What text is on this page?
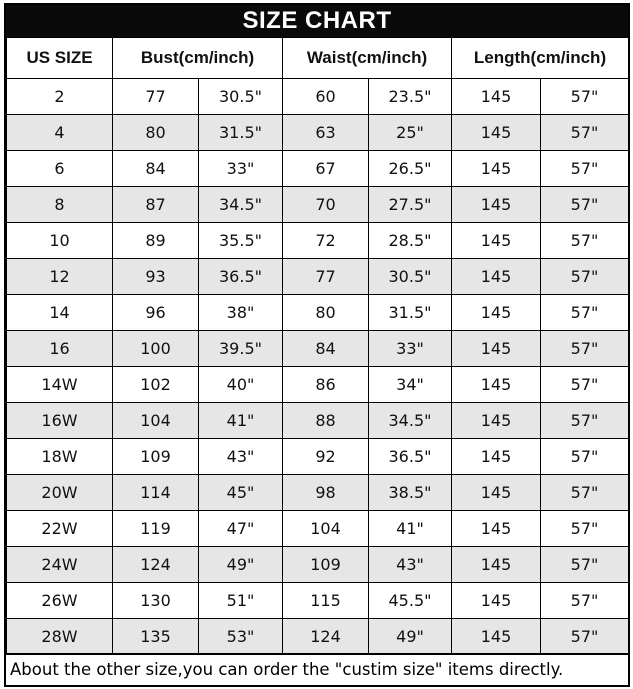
SIZE CHART
US SIZE	Bust(cm/inch)		Waist(cm/inch)		Length(cm/inch)	
2	77	30.5"	60	23.5"	145	57"
4	80	31.5"	63	25"	145	57"
6	84	33"	67	26.5"	145	57"
8	87	34.5"	70	27.5"	145	57"
10	89	35.5"	72	28.5"	145	57"
12	93	36.5"	77	30.5"	145	57"
14	96	38"	80	31.5"	145	57"
16	100	39.5"	84	33"	145	57"
14W	102	40"	86	34"	145	57"
16W	104	41"	88	34.5"	145	57"
18W	109	43"	92	36.5"	145	57"
20W	114	45"	98	38.5"	145	57"
22W	119	47"	104	41"	145	57"
24W	124	49"	109	43"	145	57"
26W	130	51"	115	45.5"	145	57"
28W	135	53"	124	49"	145	57"
About the other size,you can order the "custim size" items directly.
